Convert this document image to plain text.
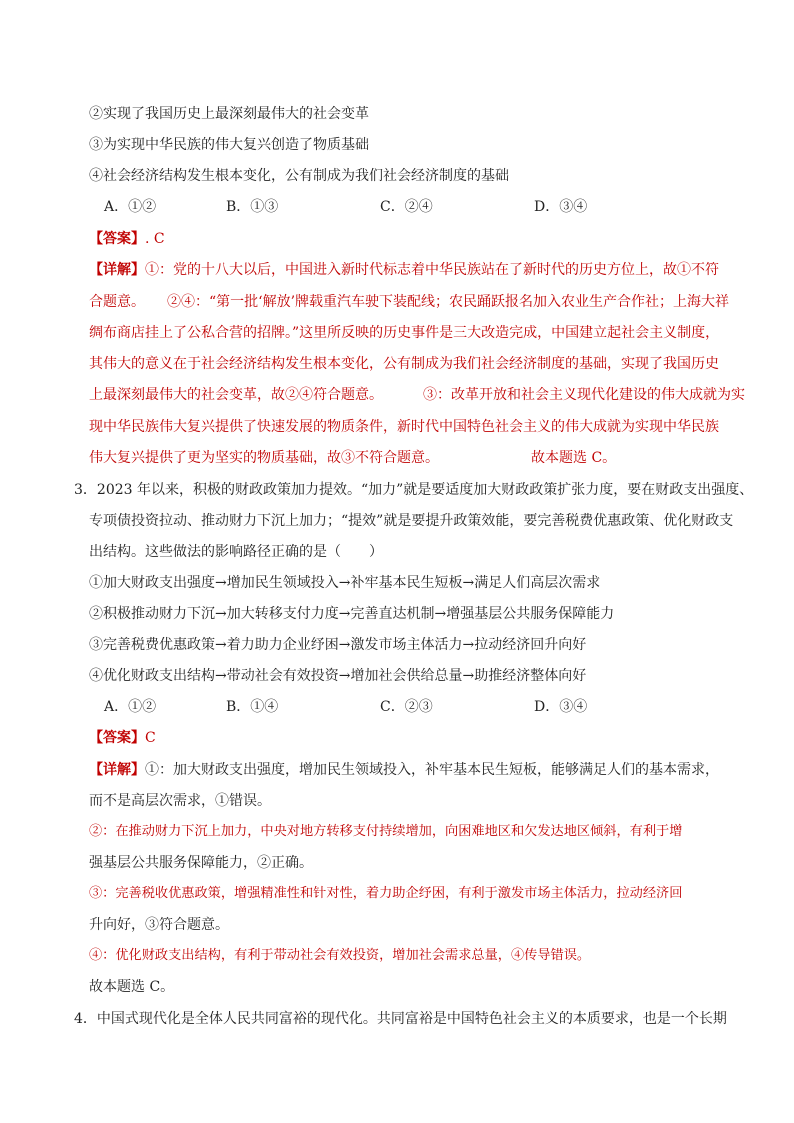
②实现了我国历史上最深刻最伟大的社会变革
③为实现中华民族的伟大复兴创造了物质基础
④社会经济结构发生根本变化，公有制成为我们社会经济制度的基础
A．①②	B．①③	C．②④	D．③④
【答案】. C
【详解】①：党的十八大以后，中国进入新时代标志着中华民族站在了新时代的历史方位上，故①不符
合题意。 ②④：“第一批‘解放’牌载重汽车驶下装配线；农民踊跃报名加入农业生产合作社；上海大祥
绸布商店挂上了公私合营的招牌。”这里所反映的历史事件是三大改造完成，中国建立起社会主义制度，
其伟大的意义在于社会经济结构发生根本变化，公有制成为我们社会经济制度的基础，实现了我国历史
上最深刻最伟大的社会变革，故②④符合题意。	③：改革开放和社会主义现代化建设的伟大成就为实
现中华民族伟大复兴提供了快速发展的物质条件，新时代中国特色社会主义的伟大成就为实现中华民族
伟大复兴提供了更为坚实的物质基础，故③不符合题意。	故本题选 C。
3．2023 年以来，积极的财政政策加力提效。“加力”就是要适度加大财政政策扩张力度，要在财政支出强度、
专项债投资拉动、推动财力下沉上加力；“提效”就是要提升政策效能，要完善税费优惠政策、优化财政支
出结构。这些做法的影响路径正确的是（　　）
①加大财政支出强度→增加民生领域投入→补牢基本民生短板→满足人们高层次需求
②积极推动财力下沉→加大转移支付力度→完善直达机制→增强基层公共服务保障能力
③完善税费优惠政策→着力助力企业纾困→激发市场主体活力→拉动经济回升向好
④优化财政支出结构→带动社会有效投资→增加社会供给总量→助推经济整体向好
A．①②	B．①④	C．②③	D．③④
【答案】C
【详解】①：加大财政支出强度，增加民生领域投入，补牢基本民生短板，能够满足人们的基本需求，
而不是高层次需求，①错误。
②：在推动财力下沉上加力，中央对地方转移支付持续增加，向困难地区和欠发达地区倾斜，有利于增
强基层公共服务保障能力，②正确。
③：完善税收优惠政策，增强精准性和针对性，着力助企纾困，有利于激发市场主体活力，拉动经济回
升向好，③符合题意。
④：优化财政支出结构，有利于带动社会有效投资，增加社会需求总量，④传导错误。
故本题选 C。
4．中国式现代化是全体人民共同富裕的现代化。共同富裕是中国特色社会主义的本质要求，也是一个长期
